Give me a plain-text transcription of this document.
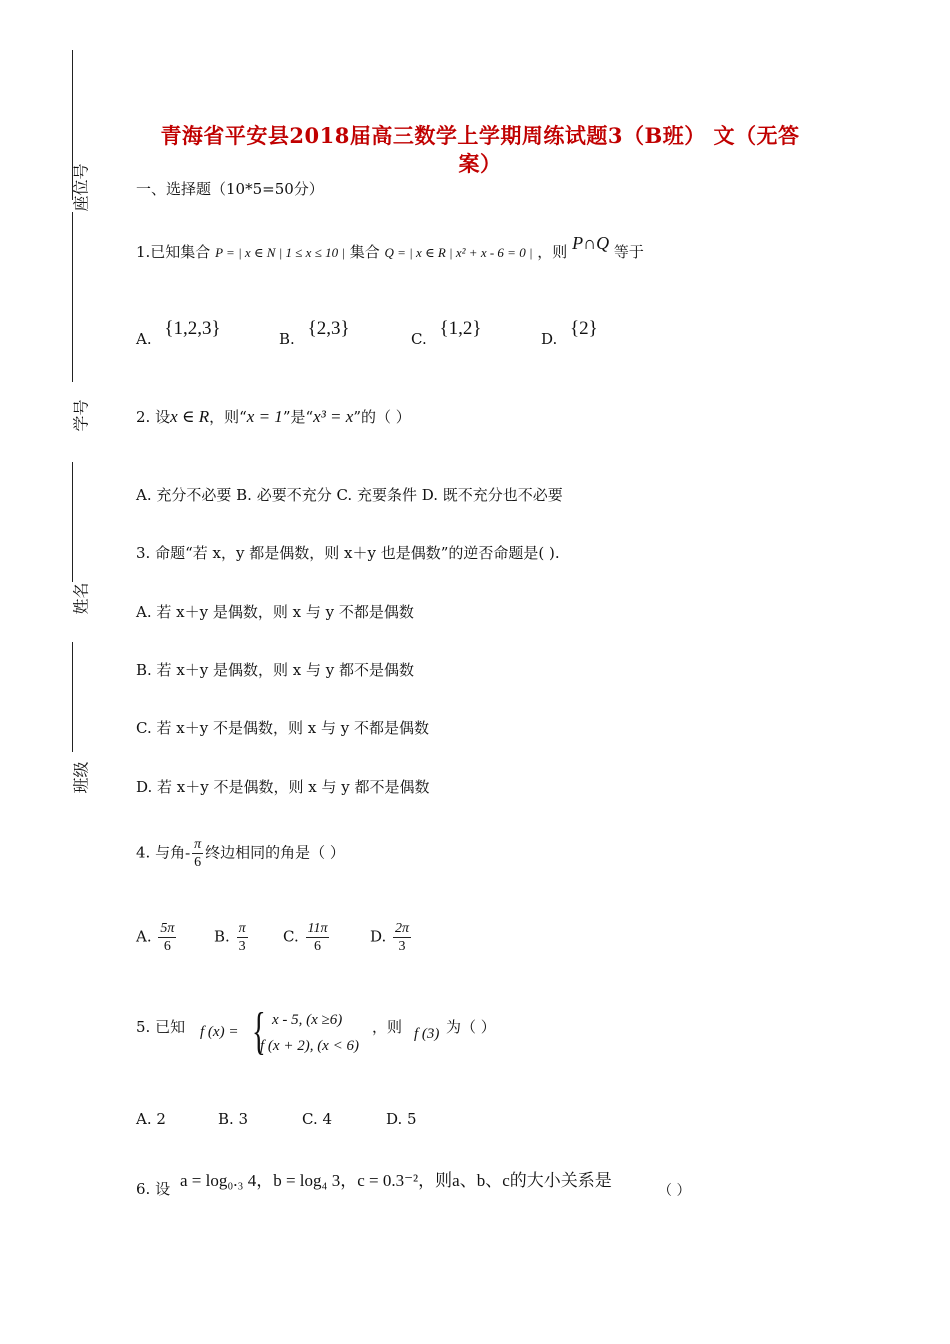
座位号
学号
姓名
班级
青海省平安县2018届高三数学上学期周练试题3（B班） 文（无答
案）
一、选择题（10*5=50分）
1.已知集合 P = | x ∈ N | 1 ≤ x ≤ 10 | 集合 Q = | x ∈ R | x² + x - 6 = 0 | ，则 P∩Q 等于
A. {1,2,3}	B. {2,3}	C. {1,2}	D. {2}
2. 设x ∈ R，则“x = 1”是“x³ = x”的（ ）
A. 充分不必要 B. 必要不充分 C. 充要条件 D. 既不充分也不必要
3. 命题“若 x，y 都是偶数，则 x＋y 也是偶数”的逆否命题是( ).
A. 若 x＋y 是偶数，则 x 与 y 不都是偶数
B. 若 x＋y 是偶数，则 x 与 y 都不是偶数
C. 若 x＋y 不是偶数，则 x 与 y 不都是偶数
D. 若 x＋y 不是偶数，则 x 与 y 都不是偶数
4. 与角- $\frac{\pi}{6}$ 终边相同的角是（ ）
A. $\frac{5\pi}{6}$	B. $\frac{\pi}{3} C$. $\frac{11\pi}{6}$	D. $\frac{2\pi}{3}$
5. 已知 f (x) = { x - 5, (x ≥6)
f (x + 2), (x < 6)
，则 f (3) 为（ ）
A. 2	B. 3	C. 4	D. 5
6. 设 a = log₀.₃ 4，b = log₄ 3，c = 0.3⁻²，则a、b、c的大小关系是
（ ）
